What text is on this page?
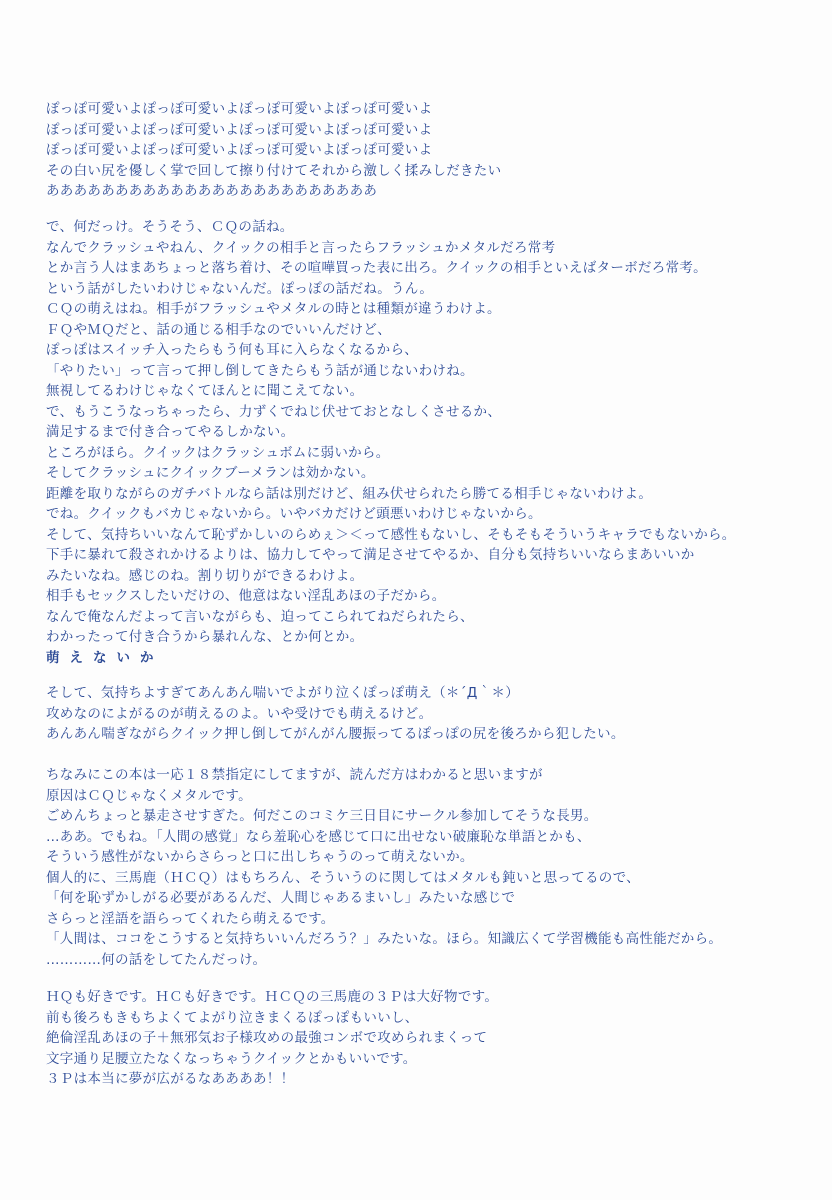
ぽっぽ可愛いよぽっぽ可愛いよぽっぽ可愛いよぽっぽ可愛いよ
ぽっぽ可愛いよぽっぽ可愛いよぽっぽ可愛いよぽっぽ可愛いよ
ぽっぽ可愛いよぽっぽ可愛いよぽっぽ可愛いよぽっぽ可愛いよ
その白い尻を優しく掌で回して擦り付けてそれから激しく揉みしだきたい
ああああああああああああああああああああああああ
で、何だっけ。そうそう、ＣＱの話ね。
なんでクラッシュやねん、クイックの相手と言ったらフラッシュかメタルだろ常考
とか言う人はまあちょっと落ち着け、その喧嘩買った表に出ろ。クイックの相手といえばターボだろ常考。
という話がしたいわけじゃないんだ。ぽっぽの話だね。うん。
ＣＱの萌えはね。相手がフラッシュやメタルの時とは種類が違うわけよ。
ＦＱやＭＱだと、話の通じる相手なのでいいんだけど、
ぽっぽはスイッチ入ったらもう何も耳に入らなくなるから、
「やりたい」って言って押し倒してきたらもう話が通じないわけね。
無視してるわけじゃなくてほんとに聞こえてない。
で、もうこうなっちゃったら、力ずくでねじ伏せておとなしくさせるか、
満足するまで付き合ってやるしかない。
ところがほら。クイックはクラッシュボムに弱いから。
そしてクラッシュにクイックブーメランは効かない。
距離を取りながらのガチバトルなら話は別だけど、組み伏せられたら勝てる相手じゃないわけよ。
でね。クイックもバカじゃないから。いやバカだけど頭悪いわけじゃないから。
そして、気持ちいいなんて恥ずかしいのらめぇ＞＜って感性もないし、そもそもそういうキャラでもないから。
下手に暴れて殺されかけるよりは、協力してやって満足させてやるか、自分も気持ちいいならまあいいか
みたいなね。感じのね。割り切りができるわけよ。
相手もセックスしたいだけの、他意はない淫乱あほの子だから。
なんで俺なんだよって言いながらも、迫ってこられてねだられたら、
わかったって付き合うから暴れんな、とか何とか。
萌えないか
そして、気持ちよすぎてあんあん喘いでよがり泣くぽっぽ萌え（＊´Д｀＊）
攻めなのによがるのが萌えるのよ。いや受けでも萌えるけど。
あんあん喘ぎながらクイック押し倒してがんがん腰振ってるぽっぽの尻を後ろから犯したい。
ちなみにこの本は一応１８禁指定にしてますが、読んだ方はわかると思いますが
原因はＣＱじゃなくメタルです。
ごめんちょっと暴走させすぎた。何だこのコミケ三日目にサークル参加してそうな長男。
…ああ。でもね。「人間の感覚」なら羞恥心を感じて口に出せない破廉恥な単語とかも、
そういう感性がないからさらっと口に出しちゃうのって萌えないか。
個人的に、三馬鹿（ＨＣＱ）はもちろん、そういうのに関してはメタルも鈍いと思ってるので、
「何を恥ずかしがる必要があるんだ、人間じゃあるまいし」みたいな感じで
さらっと淫語を語らってくれたら萌えるです。
「人間は、ココをこうすると気持ちいいんだろう？」みたいな。ほら。知識広くて学習機能も高性能だから。
…………何の話をしてたんだっけ。
ＨＱも好きです。ＨＣも好きです。ＨＣＱの三馬鹿の３Ｐは大好物です。
前も後ろもきもちよくてよがり泣きまくるぽっぽもいいし、
絶倫淫乱あほの子＋無邪気お子様攻めの最強コンボで攻められまくって
文字通り足腰立たなくなっちゃうクイックとかもいいです。
３Ｐは本当に夢が広がるなああああ！！
